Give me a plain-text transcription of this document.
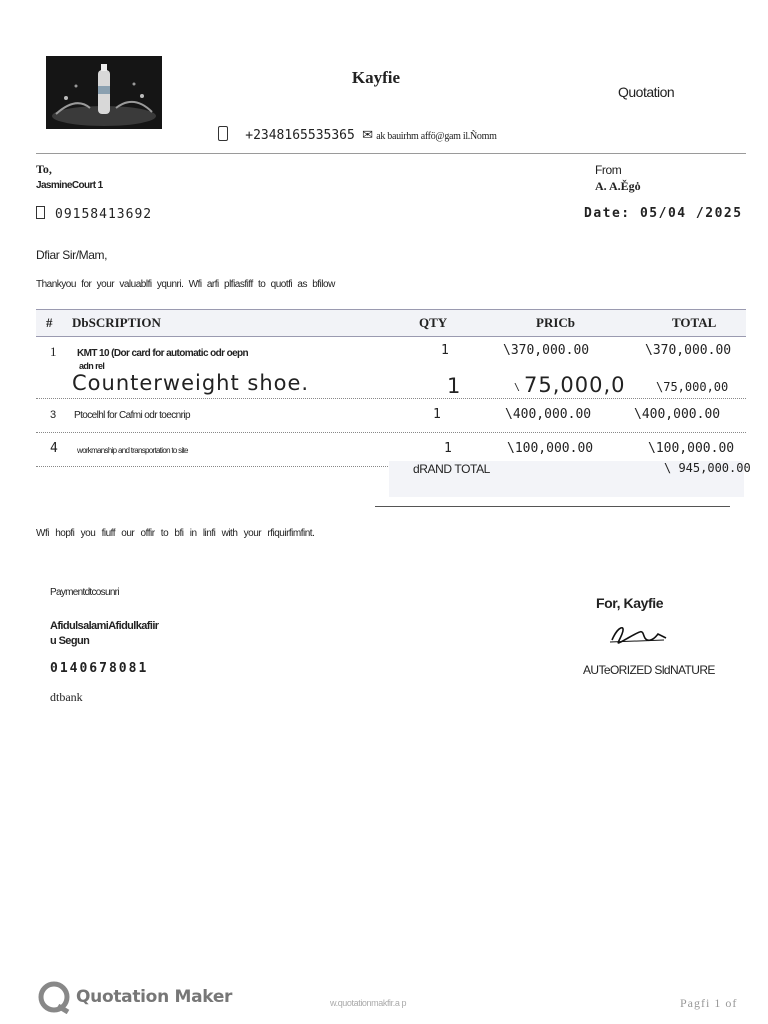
Kayfie
Quotation
+2348165535365 ✉ ak bauirhm affö@gam il.Ñomm
To,
JasmineCourt 1
09158413692
From
A. A.Ěgȯ
Date: 05/04 /2025
Dfiar Sir/Mam,
Thankyou for your valuablfi yqunri. Wfi arfi plfiasfiff to quotfi as bfilow
# DbSCRIPTION	QTY	PRICb	TOTAL
1 KMT 10 (Dor card for automatic odr oepn
adn rel
1	\370,000.00	\370,000.00
Counterweight shoe.	1	\ 75,000,0	\75,000,00
3 Ptocelhl for Cafmi odr toecnrip	1	\400,000.00	\400,000.00
4 workmanship and transportation to site	1	\100,000.00	\100,000.00
dRAND TOTAL	\ 945,000.00
Wfi hopfi you fiuff our offir to bfi in linfi with your rfiquirfimfint.
Paymentdtcosunri
AfidulsalamiAfidulkafiir
u Segun
0140678081
dtbank
For, Kayfie
AUTeORIZED SldNATURE
Quotation Maker	w.quotationmakfir.a p	Pagfi 1 of
